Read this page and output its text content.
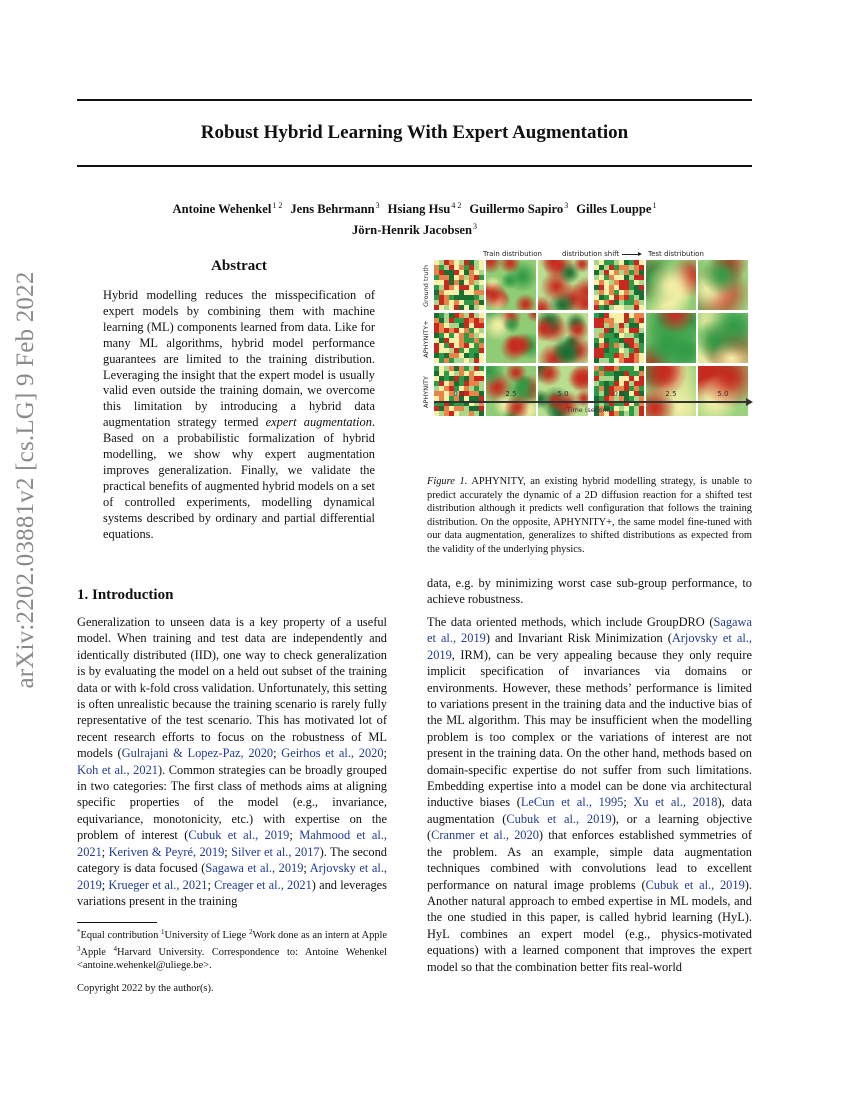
Robust Hybrid Learning With Expert Augmentation
Antoine Wehenkel$^{1 2}$ Jens Behrmann$^3$ Hsiang Hsu$^{4 2}$ Guillermo Sapiro$^3$ Gilles Louppe$^1$
Jörn-Henrik Jacobsen$^3$
arXiv:2202.03881v2 [cs.LG] 9 Feb 2022
Abstract
Hybrid modelling reduces the misspecification of expert models by combining them with machine learning (ML) components learned from data. Like for many ML algorithms, hybrid model performance guarantees are limited to the training distribution. Leveraging the insight that the expert model is usually valid even outside the training domain, we overcome this limitation by introducing a hybrid data augmentation strategy termed expert augmentation. Based on a probabilistic formalization of hybrid modelling, we show why expert augmentation improves generalization. Finally, we validate the practical benefits of augmented hybrid models on a set of controlled experiments, modelling dynamical systems described by ordinary and partial differential equations.
Train distribution	distribution shift	Test distribution
Ground truth
APHYNITY+
APHYNITY	0.0	2.5	5.0	0.0	2.5	5.0
Time (second)
Figure 1. APHYNITY, an existing hybrid modelling strategy, is unable to predict accurately the dynamic of a 2D diffusion reaction for a shifted test distribution although it predicts well configuration that follows the training distribution. On the opposite, APHYNITY+, the same model fine-tuned with our data augmentation, generalizes to shifted distributions as expected from the validity of the underlying physics.
1. Introduction
Generalization to unseen data is a key property of a useful model. When training and test data are independently and identically distributed (IID), one way to check generalization is by evaluating the model on a held out subset of the training data or with k-fold cross validation. Unfortunately, this setting is often unrealistic because the training scenario is rarely fully representative of the test scenario. This has motivated lot of recent research efforts to focus on the robustness of ML models (Gulrajani & Lopez-Paz, 2020; Geirhos et al., 2020; Koh et al., 2021). Common strategies can be broadly grouped in two categories: The first class of methods aims at aligning specific properties of the model (e.g., invariance, equivariance, monotonicity, etc.) with expertise on the problem of interest (Cubuk et al., 2019; Mahmood et al., 2021; Keriven & Peyré, 2019; Silver et al., 2017). The second category is data focused (Sagawa et al., 2019; Arjovsky et al., 2019; Krueger et al., 2021; Creager et al., 2021) and leverages variations present in the training
data, e.g. by minimizing worst case sub-group performance, to achieve robustness.
The data oriented methods, which include GroupDRO (Sagawa et al., 2019) and Invariant Risk Minimization (Arjovsky et al., 2019, IRM), can be very appealing because they only require implicit specification of invariances via domains or environments. However, these methods’ performance is limited to variations present in the training data and the inductive bias of the ML algorithm. This may be insufficient when the modelling problem is too complex or the variations of interest are not present in the training data. On the other hand, methods based on domain-specific expertise do not suffer from such limitations. Embedding expertise into a model can be done via architectural inductive biases (LeCun et al., 1995; Xu et al., 2018), data augmentation (Cubuk et al., 2019), or a learning objective (Cranmer et al., 2020) that enforces established symmetries of the problem. As an example, simple data augmentation techniques combined with convolutions lead to excellent performance on natural image problems (Cubuk et al., 2019). Another natural approach to embed expertise in ML models, and the one studied in this paper, is called hybrid learning (HyL). HyL combines an expert model (e.g., physics-motivated equations) with a learned component that improves the expert model so that the combination better fits real-world
*Equal contribution $^1$University of Liege $^2$Work done as an intern at Apple $^3$Apple $^4$Harvard University. Correspondence to: Antoine Wehenkel <antoine.wehenkel@uliege.be>.
Copyright 2022 by the author(s).
